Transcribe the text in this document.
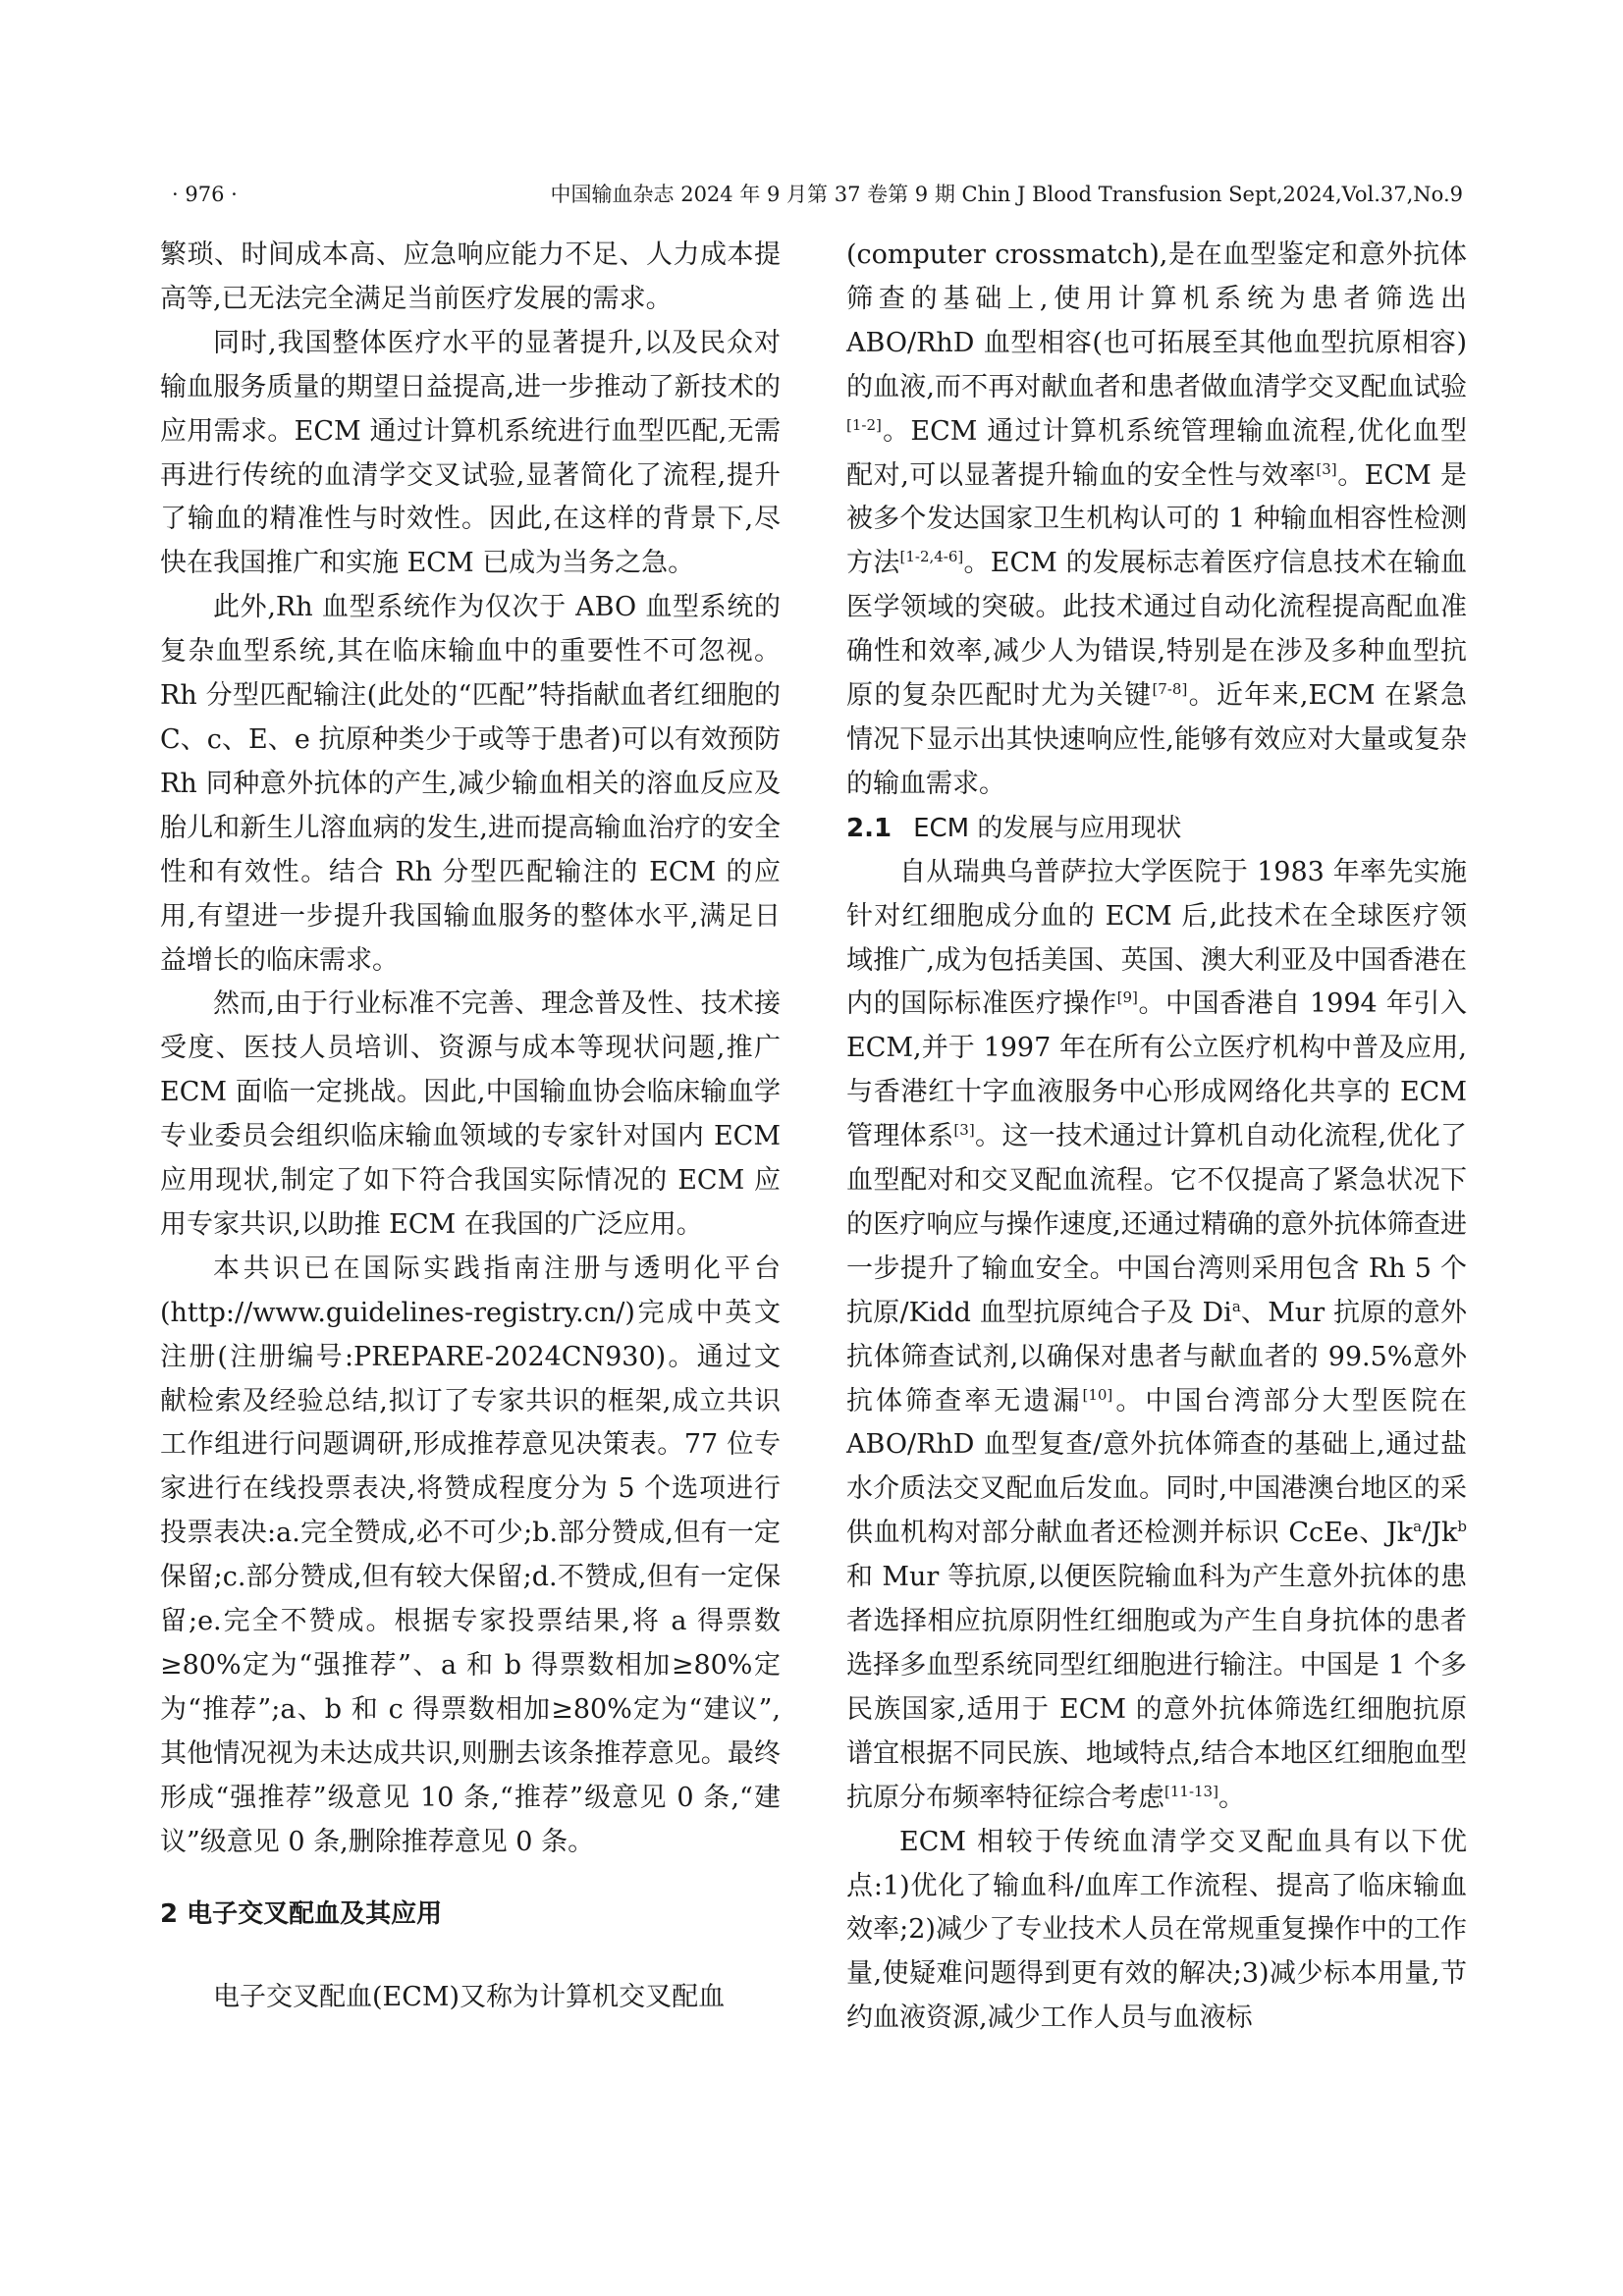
· 976 ·	中国输血杂志 2024 年 9 月第 37 卷第 9 期 Chin J Blood Transfusion Sept,2024,Vol.37,No.9

繁琐、时间成本高、应急响应能力不足、人力成本提高等,已无法完全满足当前医疗发展的需求。

同时,我国整体医疗水平的显著提升,以及民众对输血服务质量的期望日益提高,进一步推动了新技术的应用需求。ECM 通过计算机系统进行血型匹配,无需再进行传统的血清学交叉试验,显著简化了流程,提升了输血的精准性与时效性。因此,在这样的背景下,尽快在我国推广和实施 ECM 已成为当务之急。

此外,Rh 血型系统作为仅次于 ABO 血型系统的复杂血型系统,其在临床输血中的重要性不可忽视。Rh 分型匹配输注(此处的“匹配”特指献血者红细胞的 C、c、E、e 抗原种类少于或等于患者)可以有效预防 Rh 同种意外抗体的产生,减少输血相关的溶血反应及胎儿和新生儿溶血病的发生,进而提高输血治疗的安全性和有效性。结合 Rh 分型匹配输注的 ECM 的应用,有望进一步提升我国输血服务的整体水平,满足日益增长的临床需求。

然而,由于行业标准不完善、理念普及性、技术接受度、医技人员培训、资源与成本等现状问题,推广 ECM 面临一定挑战。因此,中国输血协会临床输血学专业委员会组织临床输血领域的专家针对国内 ECM 应用现状,制定了如下符合我国实际情况的 ECM 应用专家共识,以助推 ECM 在我国的广泛应用。

本共识已在国际实践指南注册与透明化平台(http://www.guidelines-registry.cn/)完成中英文注册(注册编号:PREPARE-2024CN930)。通过文献检索及经验总结,拟订了专家共识的框架,成立共识工作组进行问题调研,形成推荐意见决策表。77 位专家进行在线投票表决,将赞成程度分为 5 个选项进行投票表决:a.完全赞成,必不可少;b.部分赞成,但有一定保留;c.部分赞成,但有较大保留;d.不赞成,但有一定保留;e.完全不赞成。根据专家投票结果,将 a 得票数≥80%定为“强推荐”、a 和 b 得票数相加≥80%定为“推荐”;a、b 和 c 得票数相加≥80%定为“建议”,其他情况视为未达成共识,则删去该条推荐意见。最终形成“强推荐”级意见 10 条,“推荐”级意见 0 条,“建议”级意见 0 条,删除推荐意见 0 条。

2 电子交叉配血及其应用

电子交叉配血(ECM)又称为计算机交叉配血

(computer crossmatch),是在血型鉴定和意外抗体筛查的基础上,使用计算机系统为患者筛选出 ABO/RhD 血型相容(也可拓展至其他血型抗原相容)的血液,而不再对献血者和患者做血清学交叉配血试验[1-2]。ECM 通过计算机系统管理输血流程,优化血型配对,可以显著提升输血的安全性与效率[3]。ECM 是被多个发达国家卫生机构认可的 1 种输血相容性检测方法[1-2,4-6]。ECM 的发展标志着医疗信息技术在输血医学领域的突破。此技术通过自动化流程提高配血准确性和效率,减少人为错误,特别是在涉及多种血型抗原的复杂匹配时尤为关键[7-8]。近年来,ECM 在紧急情况下显示出其快速响应性,能够有效应对大量或复杂的输血需求。

2.1 ECM 的发展与应用现状

自从瑞典乌普萨拉大学医院于 1983 年率先实施针对红细胞成分血的 ECM 后,此技术在全球医疗领域推广,成为包括美国、英国、澳大利亚及中国香港在内的国际标准医疗操作[9]。中国香港自 1994 年引入 ECM,并于 1997 年在所有公立医疗机构中普及应用,与香港红十字血液服务中心形成网络化共享的 ECM 管理体系[3]。这一技术通过计算机自动化流程,优化了血型配对和交叉配血流程。它不仅提高了紧急状况下的医疗响应与操作速度,还通过精确的意外抗体筛查进一步提升了输血安全。中国台湾则采用包含 Rh 5 个抗原/Kidd 血型抗原纯合子及 Di$^a$、Mur 抗原的意外抗体筛查试剂,以确保对患者与献血者的 99.5%意外抗体筛查率无遗漏[10]。中国台湾部分大型医院在 ABO/RhD 血型复查/意外抗体筛查的基础上,通过盐水介质法交叉配血后发血。同时,中国港澳台地区的采供血机构对部分献血者还检测并标识 CcEe、Jk$^a$/Jk$^b$ 和 Mur 等抗原,以便医院输血科为产生意外抗体的患者选择相应抗原阴性红细胞或为产生自身抗体的患者选择多血型系统同型红细胞进行输注。中国是 1 个多民族国家,适用于 ECM 的意外抗体筛选红细胞抗原谱宜根据不同民族、地域特点,结合本地区红细胞血型抗原分布频率特征综合考虑[11-13]。

ECM 相较于传统血清学交叉配血具有以下优点:1)优化了输血科/血库工作流程、提高了临床输血效率;2)减少了专业技术人员在常规重复操作中的工作量,使疑难问题得到更有效的解决;3)减少标本用量,节约血液资源,减少工作人员与血液标
